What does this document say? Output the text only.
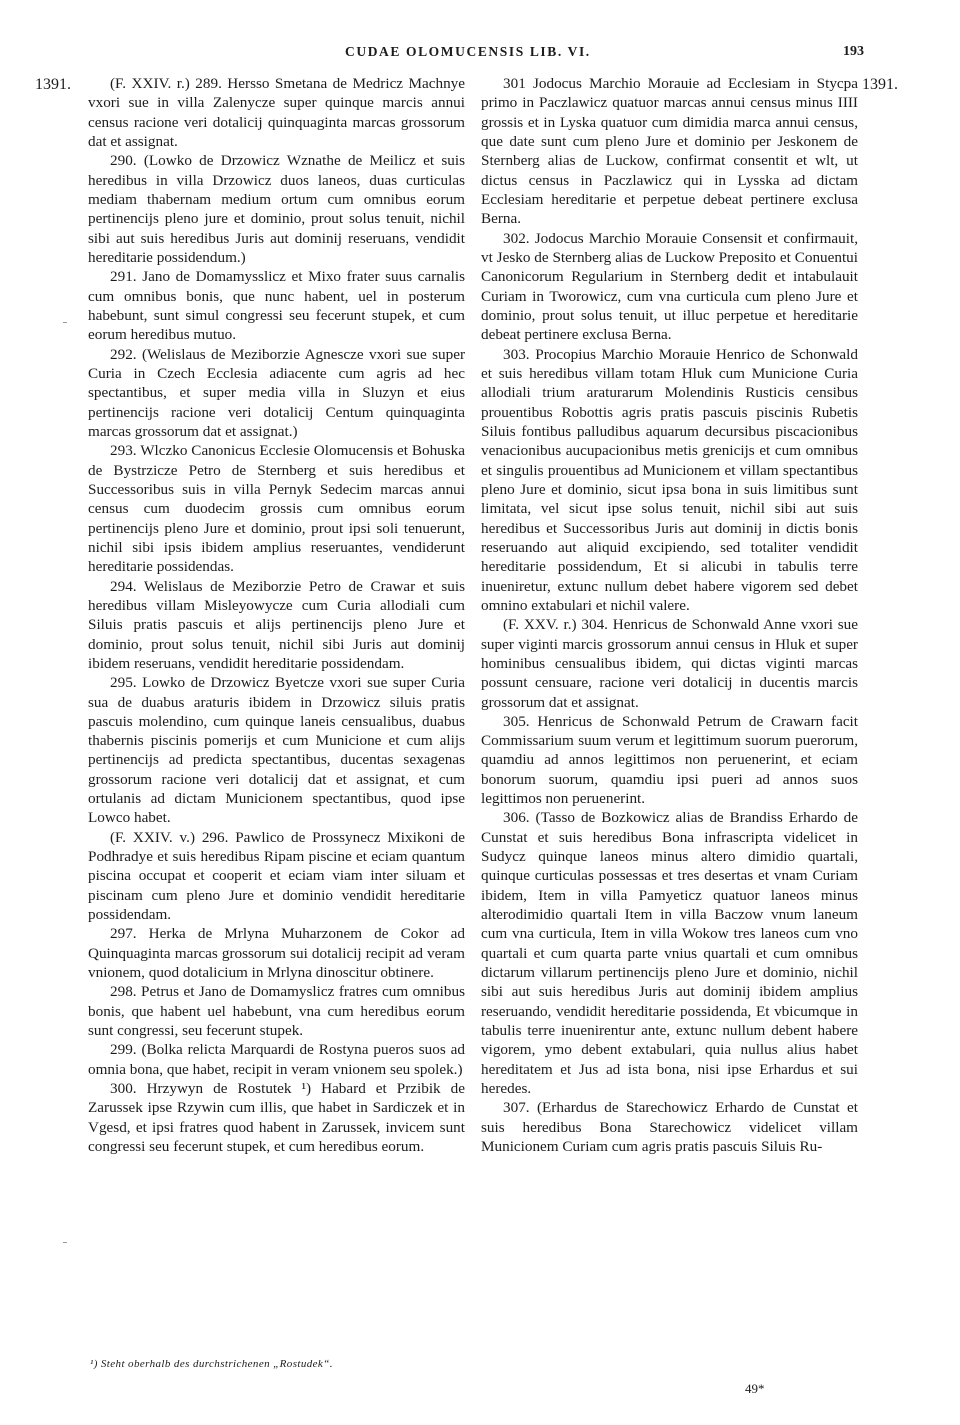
CUDAE OLOMUCENSIS LIB. VI.	193
1391.	1391.

(F. XXIV. r.) 289. Hersso Smetana de Medricz Machnye vxori sue in villa Zalenycze super quinque marcis annui census racione veri dotalicij quinquaginta marcas grossorum dat et assignat.

290. (Lowko de Drzowicz Wznathe de Meilicz et suis heredibus in villa Drzowicz duos laneos, duas curticulas mediam thabernam medium ortum cum omnibus eorum pertinencijs pleno jure et dominio, prout solus tenuit, nichil sibi aut suis heredibus Juris aut dominij reseruans, vendidit hereditarie possidendum.)

291. Jano de Domamysslicz et Mixo frater suus carnalis cum omnibus bonis, que nunc habent, uel in posterum habebunt, sunt simul congressi seu fecerunt stupek, et cum eorum heredibus mutuo.

292. (Welislaus de Meziborzie Agnescze vxori sue super Curia in Czech Ecclesia adiacente cum agris ad hec spectantibus, et super media villa in Sluzyn et eius pertinencijs racione veri dotalicij Centum quinquaginta marcas grossorum dat et assignat.)

293. Wlczko Canonicus Ecclesie Olomucensis et Bohuska de Bystrzicze Petro de Sternberg et suis heredibus et Successoribus suis in villa Pernyk Sedecim marcas annui census cum duodecim grossis cum omnibus eorum pertinencijs pleno Jure et dominio, prout ipsi soli tenuerunt, nichil sibi ipsis ibidem amplius reseruantes, vendiderunt hereditarie possidendas.

294. Welislaus de Meziborzie Petro de Crawar et suis heredibus villam Misleyowycze cum Curia allodiali cum Siluis pratis pascuis et alijs pertinencijs pleno Jure et dominio, prout solus tenuit, nichil sibi Juris aut dominij ibidem reseruans, vendidit hereditarie possidendam.

295. Lowko de Drzowicz Byetcze vxori sue super Curia sua de duabus araturis ibidem in Drzowicz siluis pratis pascuis molendino, cum quinque laneis censualibus, duabus thabernis piscinis pomerijs et cum Municione et cum alijs pertinencijs ad predicta spectantibus, ducentas sexagenas grossorum racione veri dotalicij dat et assignat, et cum ortulanis ad dictam Municionem spectantibus, quod ipse Lowco habet.

(F. XXIV. v.) 296. Pawlico de Prossynecz Mixikoni de Podhradye et suis heredibus Ripam piscine et eciam quantum piscina occupat et cooperit et eciam viam inter siluam et piscinam cum pleno Jure et dominio vendidit hereditarie possidendam.

297. Herka de Mrlyna Muharzonem de Cokor ad Quinquaginta marcas grossorum sui dotalicij recipit ad veram vnionem, quod dotalicium in Mrlyna dinoscitur obtinere.

298. Petrus et Jano de Domamyslicz fratres cum omnibus bonis, que habent uel habebunt, vna cum heredibus eorum sunt congressi, seu fecerunt stupek.

299. (Bolka relicta Marquardi de Rostyna pueros suos ad omnia bona, que habet, recipit in veram vnionem seu spolek.)

300. Hrzywyn de Rostutek ¹) Habard et Przibik de Zarussek ipse Rzywin cum illis, que habet in Sardiczek et in Vgesd, et ipsi fratres quod habent in Zarussek, invicem sunt congressi seu fecerunt stupek, et cum heredibus eorum.

301 Jodocus Marchio Morauie ad Ecclesiam in Stycpa primo in Paczlawicz quatuor marcas annui census minus IIII grossis et in Lyska quatuor cum dimidia marca annui census, que date sunt cum pleno Jure et dominio per Jeskonem de Sternberg alias de Luckow, confirmat consentit et wlt, ut dictus census in Paczlawicz qui in Lysska ad dictam Ecclesiam hereditarie et perpetue debeat pertinere exclusa Berna.

302. Jodocus Marchio Morauie Consensit et confirmauit, vt Jesko de Sternberg alias de Luckow Preposito et Conuentui Canonicorum Regularium in Sternberg dedit et intabulauit Curiam in Tworowicz, cum vna curticula cum pleno Jure et dominio, prout solus tenuit, ut illuc perpetue et hereditarie debeat pertinere exclusa Berna.

303. Procopius Marchio Morauie Henrico de Schonwald et suis heredibus villam totam Hluk cum Municione Curia allodiali trium araturarum Molendinis Rusticis censibus prouentibus Robottis agris pratis pascuis piscinis Rubetis Siluis fontibus palludibus aquarum decursibus piscacionibus venacionibus aucupacionibus metis grenicijs et cum omnibus et singulis prouentibus ad Municionem et villam spectantibus pleno Jure et dominio, sicut ipsa bona in suis limitibus sunt limitata, vel sicut ipse solus tenuit, nichil sibi aut suis heredibus et Successoribus Juris aut dominij in dictis bonis reseruando aut aliquid excipiendo, sed totaliter vendidit hereditarie possidendum, Et si alicubi in tabulis terre inueniretur, extunc nullum debet habere vigorem sed debet omnino extabulari et nichil valere.

(F. XXV. r.) 304. Henricus de Schonwald Anne vxori sue super viginti marcis grossorum annui census in Hluk et super hominibus censualibus ibidem, qui dictas viginti marcas possunt censuare, racione veri dotalicij in ducentis marcis grossorum dat et assignat.

305. Henricus de Schonwald Petrum de Crawarn facit Commissarium suum verum et legittimum suorum puerorum, quamdiu ad annos legittimos non peruenerint, et eciam bonorum suorum, quamdiu ipsi pueri ad annos suos legittimos non peruenerint.

306. (Tasso de Bozkowicz alias de Brandiss Erhardo de Cunstat et suis heredibus Bona infrascripta videlicet in Sudycz quinque laneos minus altero dimidio quartali, quinque curticulas possessas et tres desertas et vnam Curiam ibidem, Item in villa Pamyeticz quatuor laneos minus alterodimidio quartali Item in villa Baczow vnum laneum cum vna curticula, Item in villa Wokow tres laneos cum vno quartali et cum quarta parte vnius quartali et cum omnibus dictarum villarum pertinencijs pleno Jure et dominio, nichil sibi aut suis heredibus Juris aut dominij ibidem amplius reseruando, vendidit hereditarie possidenda, Et vbicumque in tabulis terre inuenirentur ante, extunc nullum debent habere vigorem, ymo debent extabulari, quia nullus alius habet hereditatem et Jus ad ista bona, nisi ipse Erhardus et sui heredes.

307. (Erhardus de Starechowicz Erhardo de Cunstat et suis heredibus Bona Starechowicz videlicet villam Municionem Curiam cum agris pratis pascuis Siluis Ru-

¹) Steht oberhalb des durchstrichenen „Rostudek“.
49*
